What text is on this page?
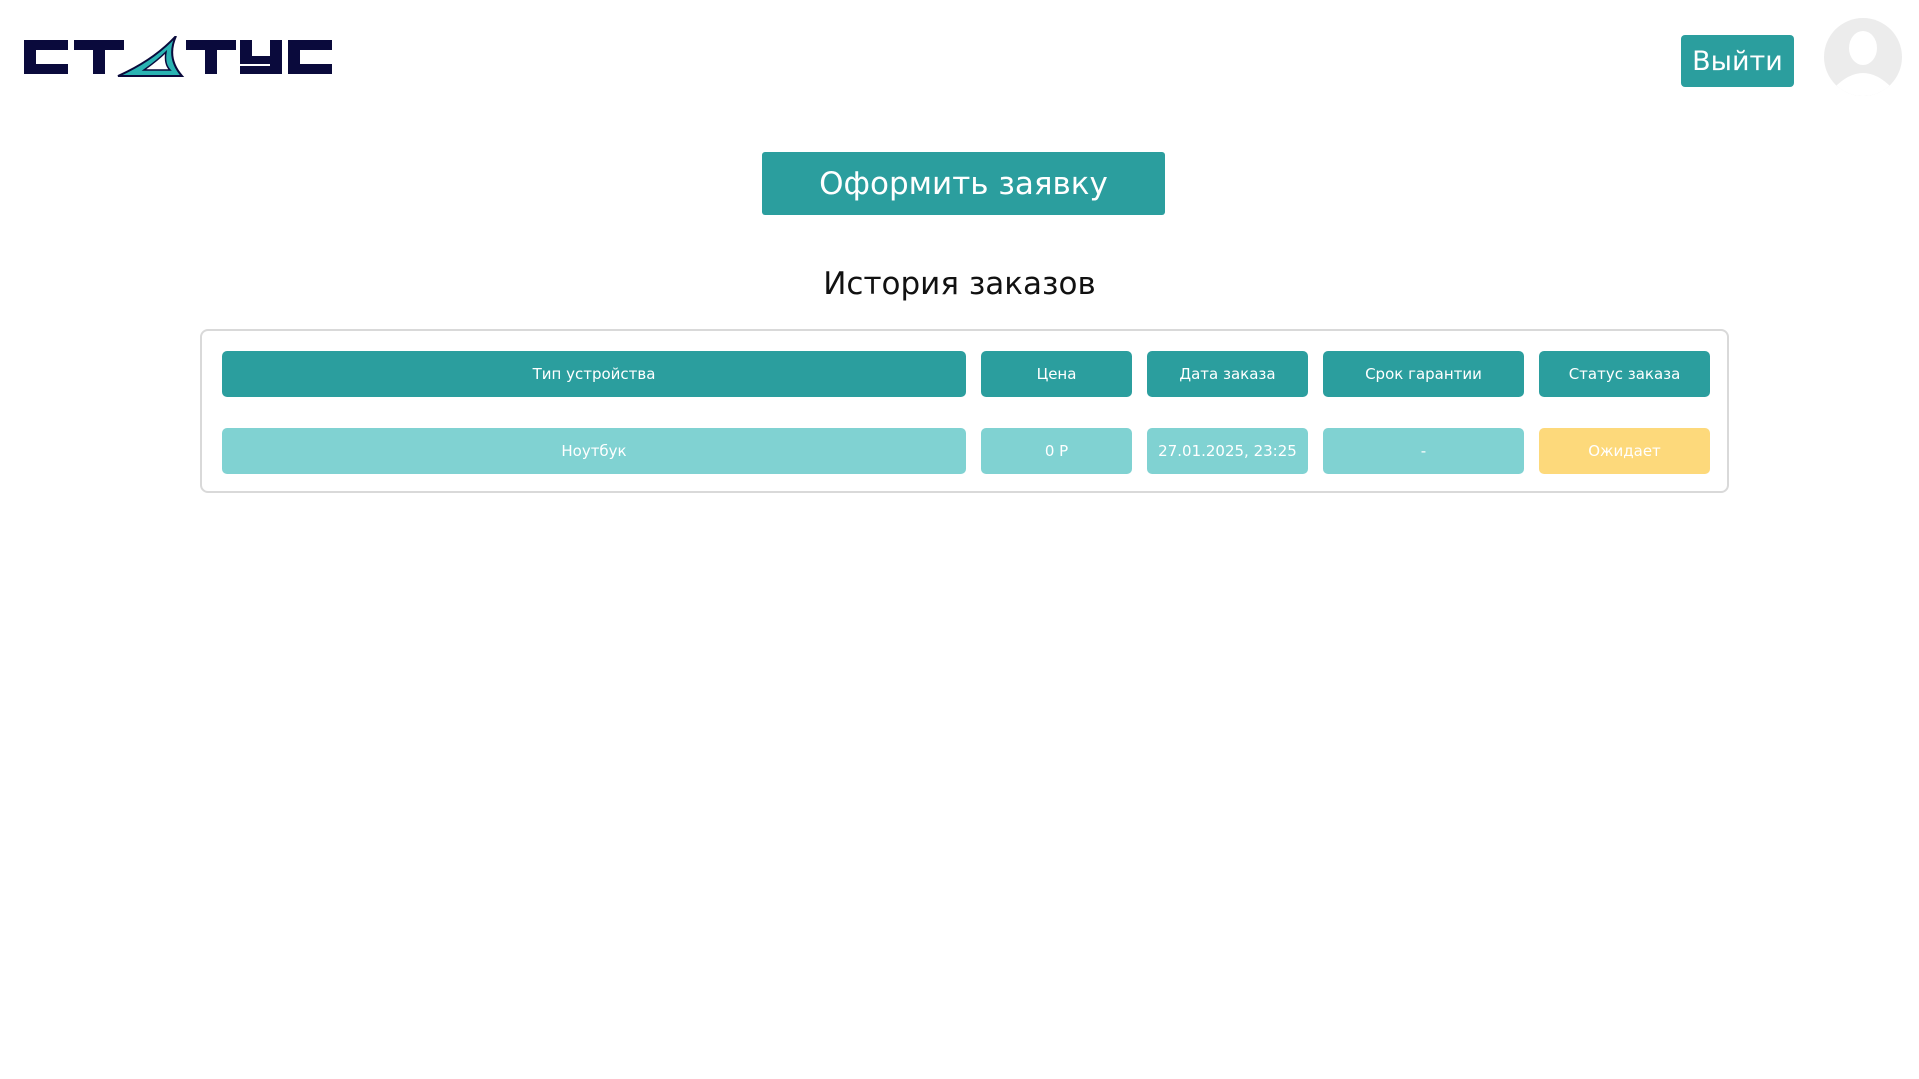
Выйти
Оформить заявку
История заказов
Тип устройства	Цена	Дата заказа	Срок гарантии	Статус заказа
Ноутбук	0 Р	27.01.2025, 23:25	-	Ожидает
